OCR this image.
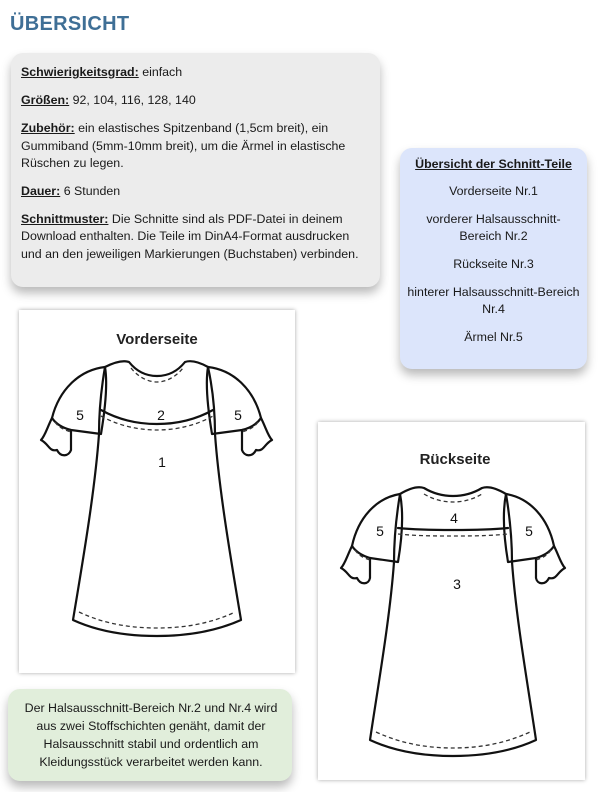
ÜBERSICHT

Schwierigkeitsgrad: einfach

Größen: 92, 104, 116, 128, 140

Zubehör: ein elastisches Spitzenband (1,5cm breit), ein Gummiband (5mm-10mm breit), um die Ärmel in elastische Rüschen zu legen.

Dauer: 6 Stunden

Schnittmuster: Die Schnitte sind als PDF-Datei in deinem Download enthalten. Die Teile im DinA4-Format ausdrucken und an den jeweiligen Markierungen (Buchstaben) verbinden.

Übersicht der Schnitt-Teile
Vorderseite Nr.1
vorderer Halsausschnitt-Bereich Nr.2
Rückseite Nr.3
hinterer Halsausschnitt-Bereich Nr.4
Ärmel Nr.5
Vorderseite
5	2	5
1	Rückseite
4
5	5
3
Der Halsausschnitt-Bereich Nr.2 und Nr.4 wird aus zwei Stoffschichten genäht, damit der Halsausschnitt stabil und ordentlich am Kleidungsstück verarbeitet werden kann.
